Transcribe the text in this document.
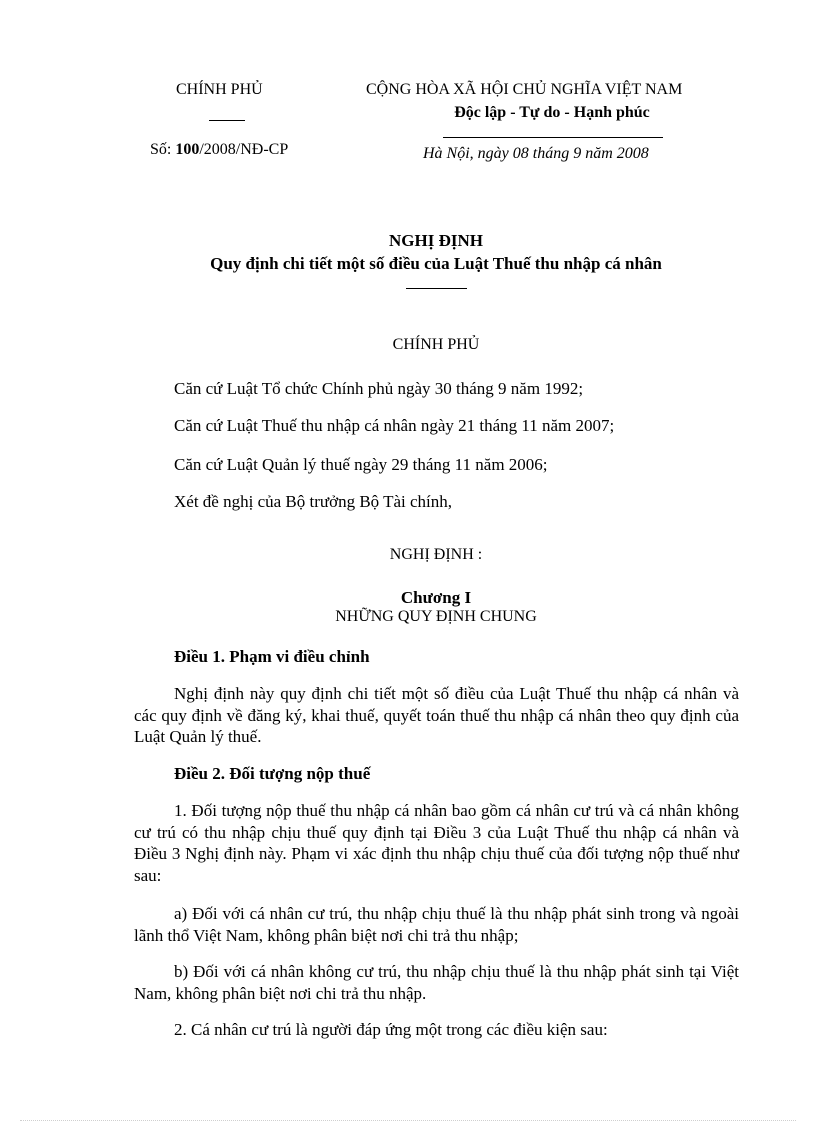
CHÍNH PHỦ	CỘNG HÒA XÃ HỘI CHỦ NGHĨA VIỆT NAM
Độc lập - Tự do - Hạnh phúc
Số: 100/2008/NĐ-CP	Hà Nội, ngày 08 tháng 9 năm 2008
NGHỊ ĐỊNH
Quy định chi tiết một số điều của Luật Thuế thu nhập cá nhân
CHÍNH PHỦ
Căn cứ Luật Tổ chức Chính phủ ngày 30 tháng 9 năm 1992;
Căn cứ Luật Thuế thu nhập cá nhân ngày 21 tháng 11 năm 2007;
Căn cứ Luật Quản lý thuế ngày 29 tháng 11 năm 2006;
Xét đề nghị của Bộ trưởng Bộ Tài chính,
NGHỊ ĐỊNH :
Chương I
NHỮNG QUY ĐỊNH CHUNG
Điều 1. Phạm vi điều chỉnh
Nghị định này quy định chi tiết một số điều của Luật Thuế thu nhập cá nhân và các quy định về đăng ký, khai thuế, quyết toán thuế thu nhập cá nhân theo quy định của Luật Quản lý thuế.
Điều 2. Đối tượng nộp thuế
1. Đối tượng nộp thuế thu nhập cá nhân bao gồm cá nhân cư trú và cá nhân không cư trú có thu nhập chịu thuế quy định tại Điều 3 của Luật Thuế thu nhập cá nhân và Điều 3 Nghị định này. Phạm vi xác định thu nhập chịu thuế của đối tượng nộp thuế như sau:
a) Đối với cá nhân cư trú, thu nhập chịu thuế là thu nhập phát sinh trong và ngoài lãnh thổ Việt Nam, không phân biệt nơi chi trả thu nhập;
b) Đối với cá nhân không cư trú, thu nhập chịu thuế là thu nhập phát sinh tại Việt Nam, không phân biệt nơi chi trả thu nhập.
2. Cá nhân cư trú là người đáp ứng một trong các điều kiện sau:
